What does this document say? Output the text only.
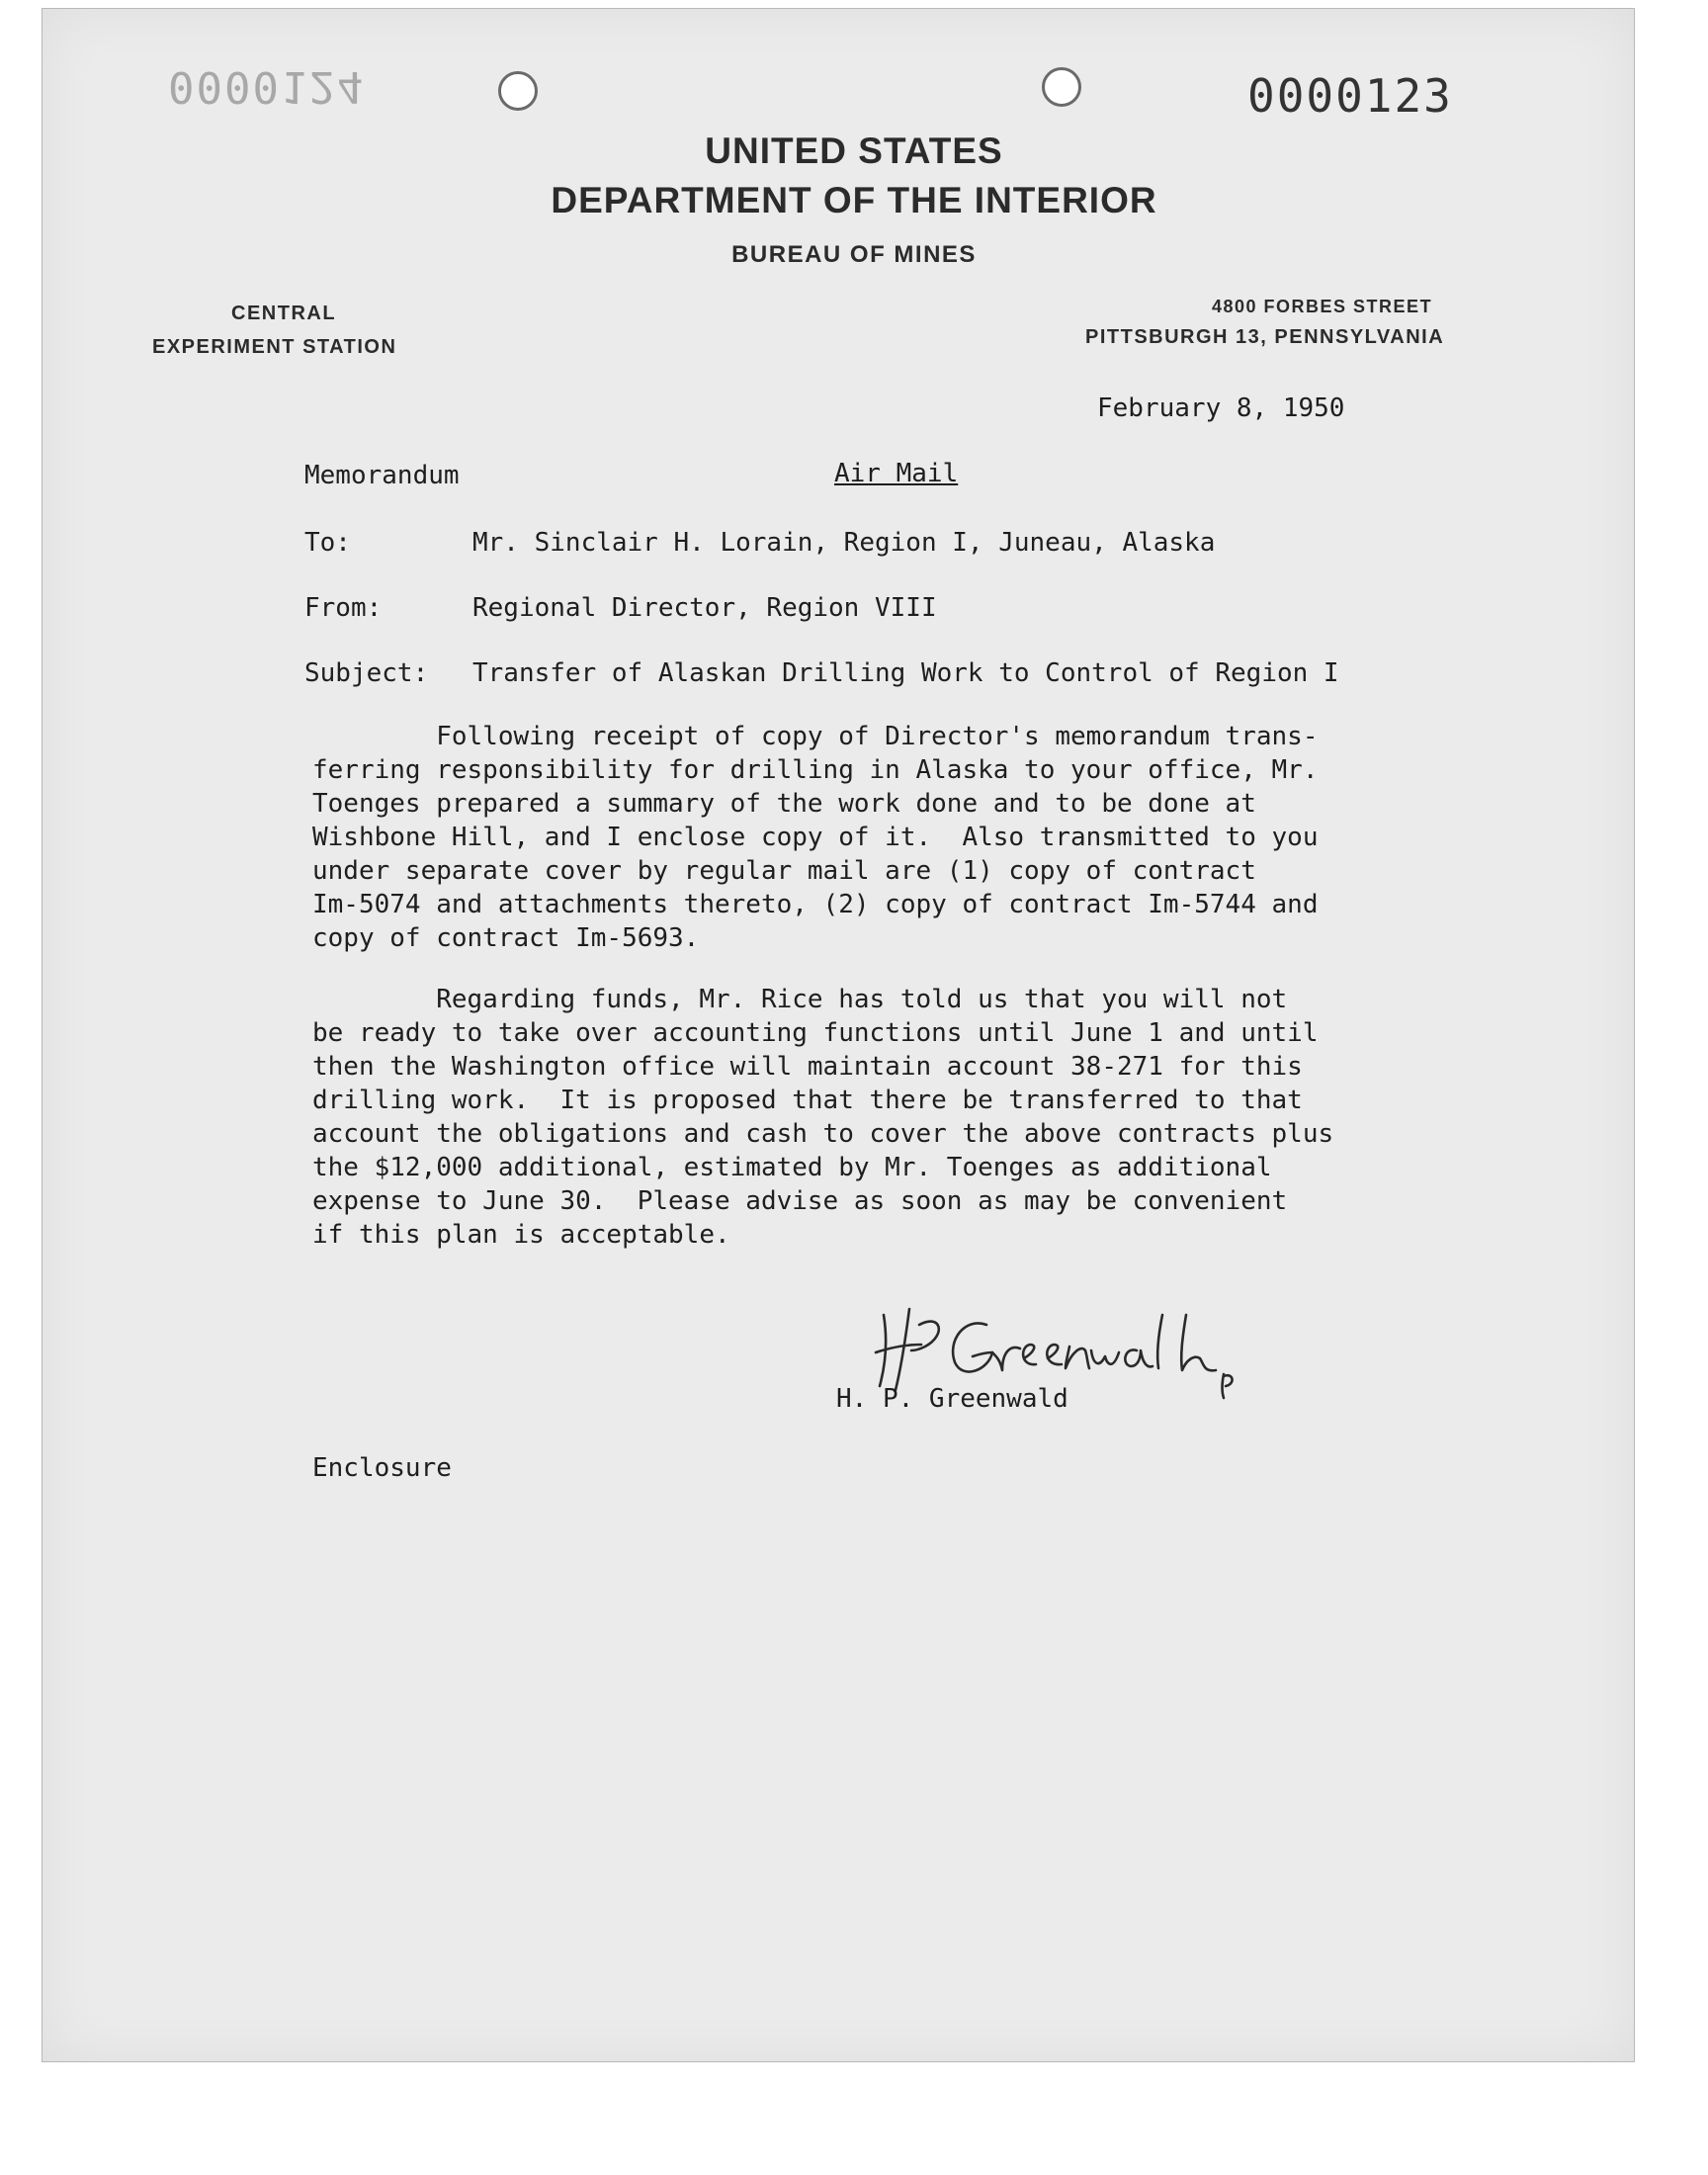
0000124	0000123
UNITED STATES
DEPARTMENT OF THE INTERIOR
BUREAU OF MINES
CENTRAL
EXPERIMENT STATION
4800 FORBES STREET
PITTSBURGH 13, PENNSYLVANIA
February 8, 1950
Memorandum	Air Mail
To:	Mr. Sinclair H. Lorain, Region I, Juneau, Alaska
From:	Regional Director, Region VIII
Subject: Transfer of Alaskan Drilling Work to Control of Region I
Following receipt of copy of Director's memorandum trans-
ferring responsibility for drilling in Alaska to your office, Mr.
Toenges prepared a summary of the work done and to be done at
Wishbone Hill, and I enclose copy of it.  Also transmitted to you
under separate cover by regular mail are (1) copy of contract
Im-5074 and attachments thereto, (2) copy of contract Im-5744 and
copy of contract Im-5693.
Regarding funds, Mr. Rice has told us that you will not
be ready to take over accounting functions until June 1 and until
then the Washington office will maintain account 38-271 for this
drilling work.  It is proposed that there be transferred to that
account the obligations and cash to cover the above contracts plus
the $12,000 additional, estimated by Mr. Toenges as additional
expense to June 30.  Please advise as soon as may be convenient
if this plan is acceptable.
H. P. Greenwald
Enclosure
